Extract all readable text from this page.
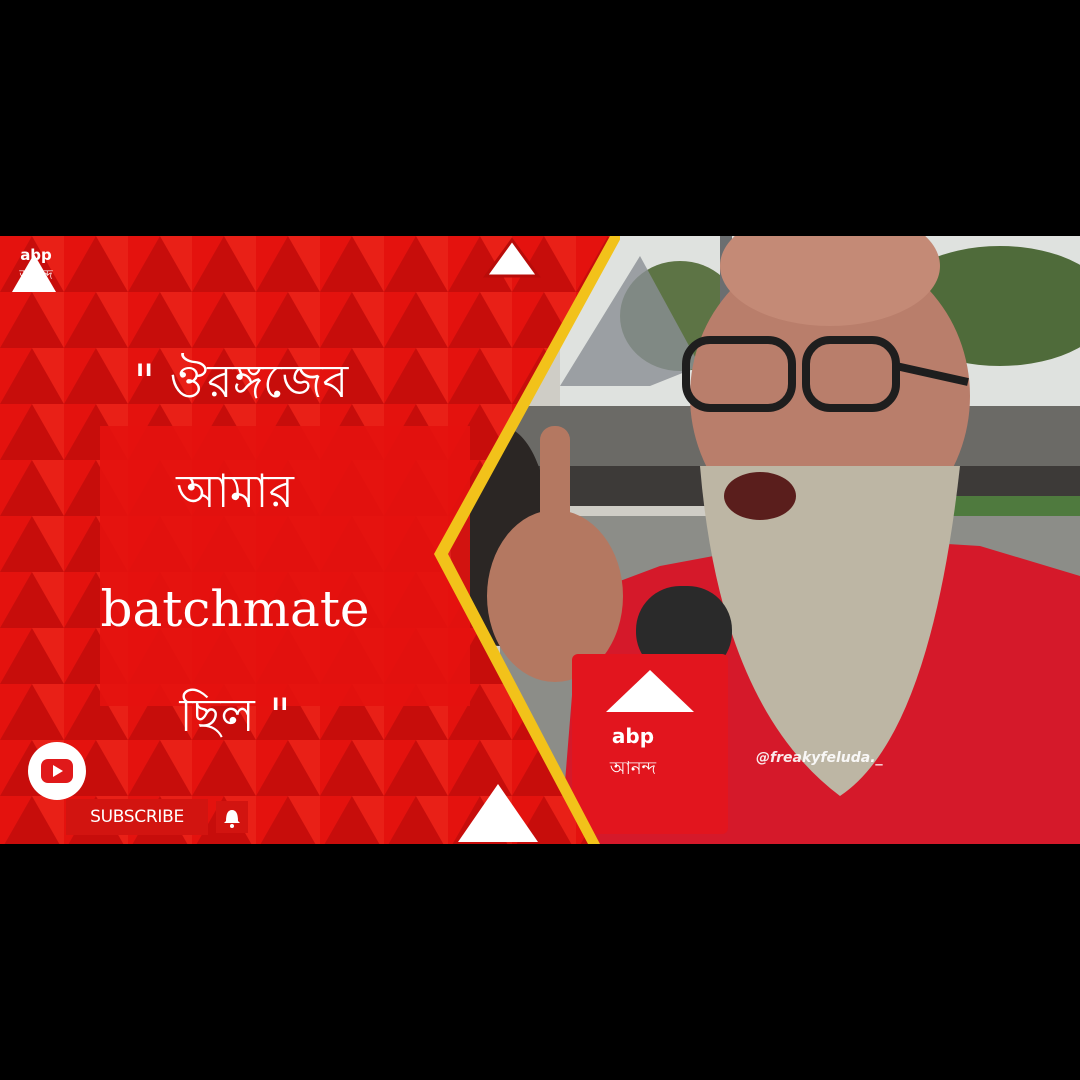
abp
আনন্দ
" ঔরঙ্গজেব
আমার
batchmate
ছিল "
SUBSCRIBE
abp
আনন্দ	@freakyfeluda._
